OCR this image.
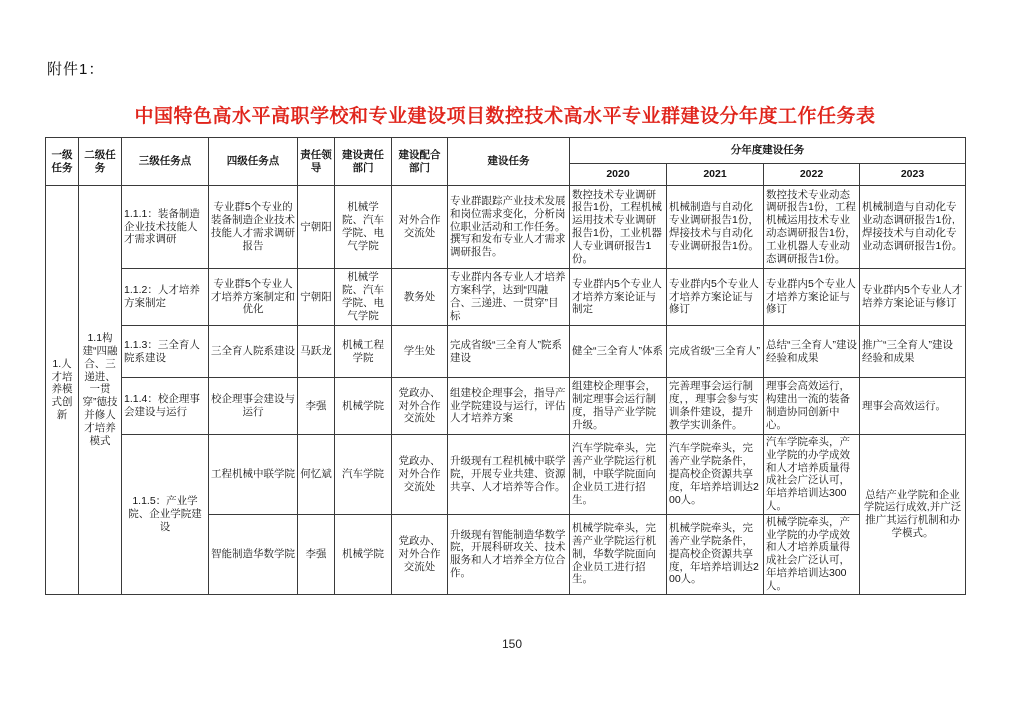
附件1：
中国特色高水平高职学校和专业建设项目数控技术高水平专业群建设分年度工作任务表
一级任务	二级任务	三级任务点	四级任务点	责任领导	建设责任部门	建设配合部门	建设任务	分年度建设任务			
								2020	2021	2022	2023
1.人才培养模式创新	1.1构建“四融合、三递进、一贯穿”德技并修人才培养模式	1.1.1：装备制造企业技术技能人才需求调研	专业群5个专业的装备制造企业技术技能人才需求调研报告	宁朝阳	机械学院、汽车学院、电气学院	对外合作交流处	专业群跟踪产业技术发展和岗位需求变化，分析岗位职业活动和工作任务。撰写和发布专业人才需求调研报告。	数控技术专业调研报告1份，工程机械运用技术专业调研报告1份，工业机器人专业调研报告1份。	机械制造与自动化专业调研报告1份，焊接技术与自动化专业调研报告1份。	数控技术专业动态调研报告1份，工程机械运用技术专业动态调研报告1份，工业机器人专业动态调研报告1份。	机械制造与自动化专业动态调研报告1份,焊接技术与自动化专业动态调研报告1份。
		1.1.2：人才培养方案制定	专业群5个专业人才培养方案制定和优化	宁朝阳	机械学院、汽车学院、电气学院	教务处	专业群内各专业人才培养方案科学，达到“四融合、三递进、一贯穿”目标	专业群内5个专业人才培养方案论证与制定	专业群内5个专业人才培养方案论证与修订	专业群内5个专业人才培养方案论证与修订	专业群内5个专业人才培养方案论证与修订
		1.1.3：三全育人院系建设	三全育人院系建设	马跃龙	机械工程学院	学生处	完成省级“三全育人”院系建设	健全“三全育人”体系	完成省级“三全育人”	总结“三全育人”建设经验和成果	推广“三全育人”建设经验和成果
		1.1.4：校企理事会建设与运行	校企理事会建设与运行	李强	机械学院	党政办、对外合作交流处	组建校企理事会，指导产业学院建设与运行，评估人才培养方案	组建校企理事会，制定理事会运行制度，指导产业学院升级。	完善理事会运行制度，，理事会参与实训条件建设，提升教学实训条件。	理事会高效运行，构建出一流的装备制造协同创新中心。	理事会高效运行。
		1.1.5：产业学院、企业学院建设	工程机械中联学院	何忆斌	汽车学院	党政办、对外合作交流处	升级现有工程机械中联学院，开展专业共建、资源共享、人才培养等合作。	汽车学院牵头，完善产业学院运行机制，中联学院面向企业员工进行招生。	汽车学院牵头，完善产业学院条件，提高校企资源共享度，年培养培训达200人。	汽车学院牵头，产业学院的办学成效和人才培养质量得成社会广泛认可，年培养培训达300人。	总结产业学院和企业学院运行成效,并广泛推广其运行机制和办学模式。
			智能制造华数学院	李强	机械学院	党政办、对外合作交流处	升级现有智能制造华数学院，开展科研攻关、技术服务和人才培养全方位合作。	机械学院牵头，完善产业学院运行机制，华数学院面向企业员工进行招生。	机械学院牵头，完善产业学院条件，提高校企资源共享度，年培养培训达200人。	机械学院牵头，产业学院的办学成效和人才培养质量得成社会广泛认可，年培养培训达300人。	
150
